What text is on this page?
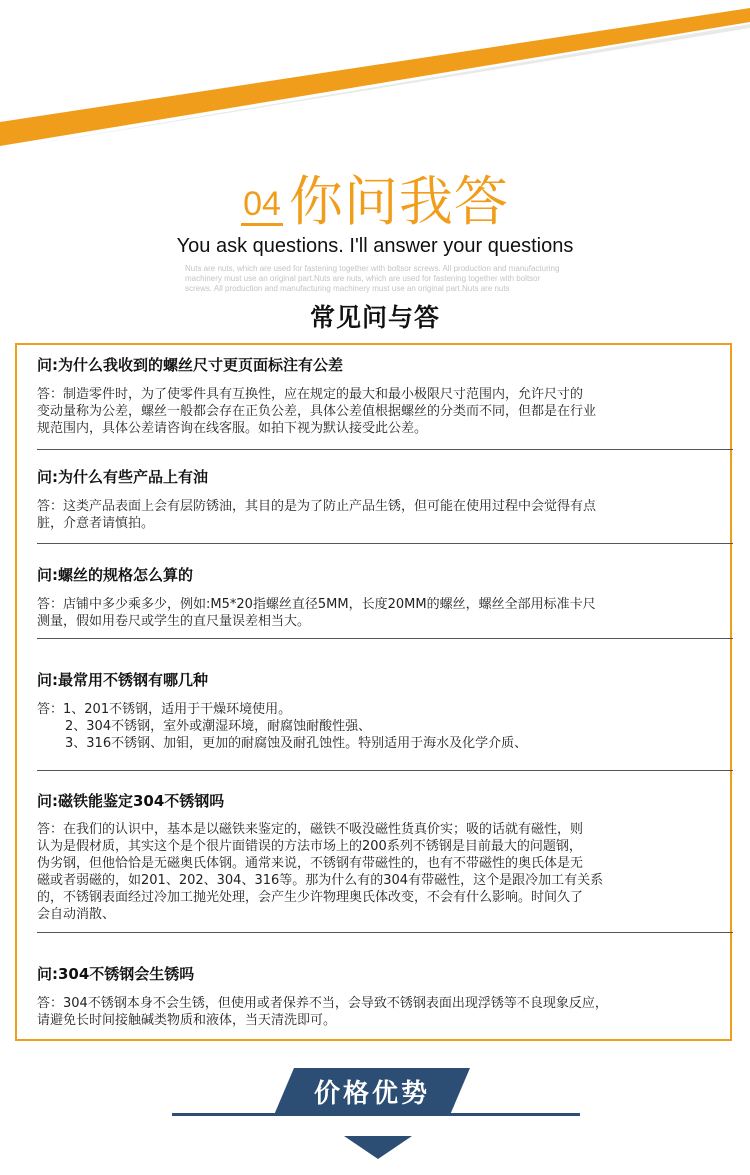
04 你问我答
You ask questions. I'll answer your questions
Nuts are nuts, which are used for fastening together with boltsor screws. All production and manufacturing machinery must use an original part.Nuts are nuts, which are used for fastening together with boltsor screws. All production and manufacturing machinery must use an original part.Nuts are nuts
常见问与答
问:为什么我收到的螺丝尺寸更页面标注有公差
答：制造零件时，为了使零件具有互换性，应在规定的最大和最小极限尺寸范围内，允许尺寸的
变动量称为公差，螺丝一般都会存在正负公差，具体公差值根据螺丝的分类而不同，但都是在行业
规范围内，具体公差请咨询在线客服。如拍下视为默认接受此公差。
问:为什么有些产品上有油
答：这类产品表面上会有层防锈油，其目的是为了防止产品生锈，但可能在使用过程中会觉得有点
脏，介意者请慎拍。
问:螺丝的规格怎么算的
答：店铺中多少乘多少，例如:M5*20指螺丝直径5MM，长度20MM的螺丝，螺丝全部用标准卡尺
测量，假如用卷尺或学生的直尺量误差相当大。
问:最常用不锈钢有哪几种
答：1、201不锈钢，适用于干燥环境使用。
2、304不锈钢，室外或潮湿环境，耐腐蚀耐酸性强、
3、316不锈钢、加钼，更加的耐腐蚀及耐孔蚀性。特别适用于海水及化学介质、
问:磁铁能鉴定304不锈钢吗
答：在我们的认识中，基本是以磁铁来鉴定的，磁铁不吸没磁性货真价实；吸的话就有磁性，则
认为是假材质，其实这个是个很片面错误的方法市场上的200系列不锈钢是目前最大的问题钢，
伪劣钢，但他恰恰是无磁奥氏体钢。通常来说，不锈钢有带磁性的，也有不带磁性的奥氏体是无
磁或者弱磁的，如201、202、304、316等。那为什么有的304有带磁性，这个是跟冷加工有关系
的，不锈钢表面经过冷加工抛光处理，会产生少许物理奥氏体改变，不会有什么影响。时间久了
会自动消散、
问:304不锈钢会生锈吗
答：304不锈钢本身不会生锈，但使用或者保养不当，会导致不锈钢表面出现浮锈等不良现象反应，
请避免长时间接触碱类物质和液体，当天清洗即可。
价格优势
